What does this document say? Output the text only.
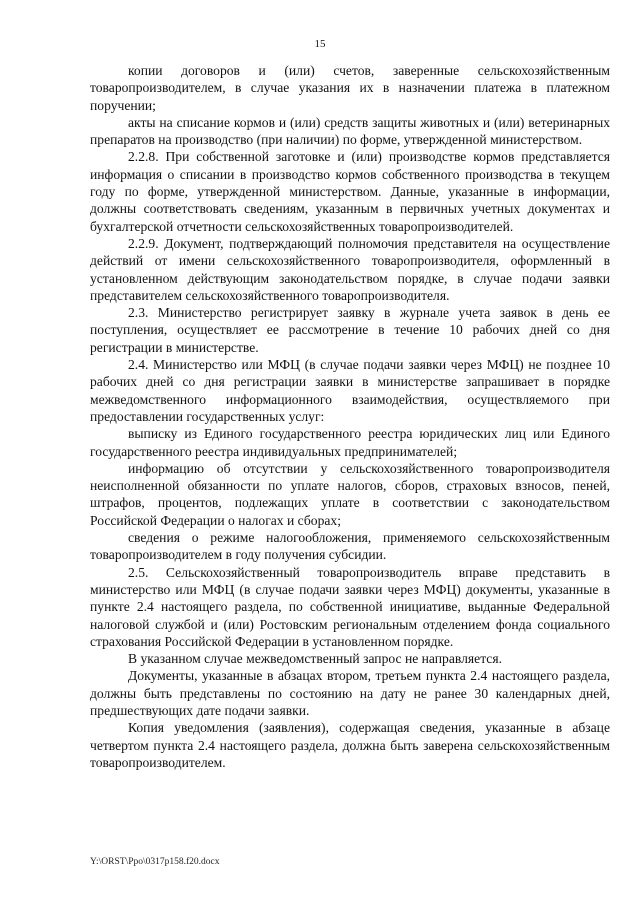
15

копии договоров и (или) счетов, заверенные сельскохозяйственным товаропроизводителем, в случае указания их в назначении платежа в платежном поручении;

акты на списание кормов и (или) средств защиты животных и (или) ветеринарных препаратов на производство (при наличии) по форме, утвержденной министерством.

2.2.8. При собственной заготовке и (или) производстве кормов представляется информация о списании в производство кормов собственного производства в текущем году по форме, утвержденной министерством. Данные, указанные в информации, должны соответствовать сведениям, указанным в первичных учетных документах и бухгалтерской отчетности сельскохозяйственных товаропроизводителей.

2.2.9. Документ, подтверждающий полномочия представителя на осуществление действий от имени сельскохозяйственного товаропроизводителя, оформленный в установленном действующим законодательством порядке, в случае подачи заявки представителем сельскохозяйственного товаропроизводителя.

2.3. Министерство регистрирует заявку в журнале учета заявок в день ее поступления, осуществляет ее рассмотрение в течение 10 рабочих дней со дня регистрации в министерстве.

2.4. Министерство или МФЦ (в случае подачи заявки через МФЦ) не позднее 10 рабочих дней со дня регистрации заявки в министерстве запрашивает в порядке межведомственного информационного взаимодействия, осуществляемого при предоставлении государственных услуг:

выписку из Единого государственного реестра юридических лиц или Единого государственного реестра индивидуальных предпринимателей;

информацию об отсутствии у сельскохозяйственного товаропроизводителя неисполненной обязанности по уплате налогов, сборов, страховых взносов, пеней, штрафов, процентов, подлежащих уплате в соответствии с законодательством Российской Федерации о налогах и сборах;

сведения о режиме налогообложения, применяемого сельскохозяйственным товаропроизводителем в году получения субсидии.

2.5. Сельскохозяйственный товаропроизводитель вправе представить в министерство или МФЦ (в случае подачи заявки через МФЦ) документы, указанные в пункте 2.4 настоящего раздела, по собственной инициативе, выданные Федеральной налоговой службой и (или) Ростовским региональным отделением фонда социального страхования Российской Федерации в установленном порядке.

В указанном случае межведомственный запрос не направляется.

Документы, указанные в абзацах втором, третьем пункта 2.4 настоящего раздела, должны быть представлены по состоянию на дату не ранее 30 календарных дней, предшествующих дате подачи заявки.

Копия уведомления (заявления), содержащая сведения, указанные в абзаце четвертом пункта 2.4 настоящего раздела, должна быть заверена сельскохозяйственным товаропроизводителем.

Y:\ORST\Ppo\0317p158.f20.docx
